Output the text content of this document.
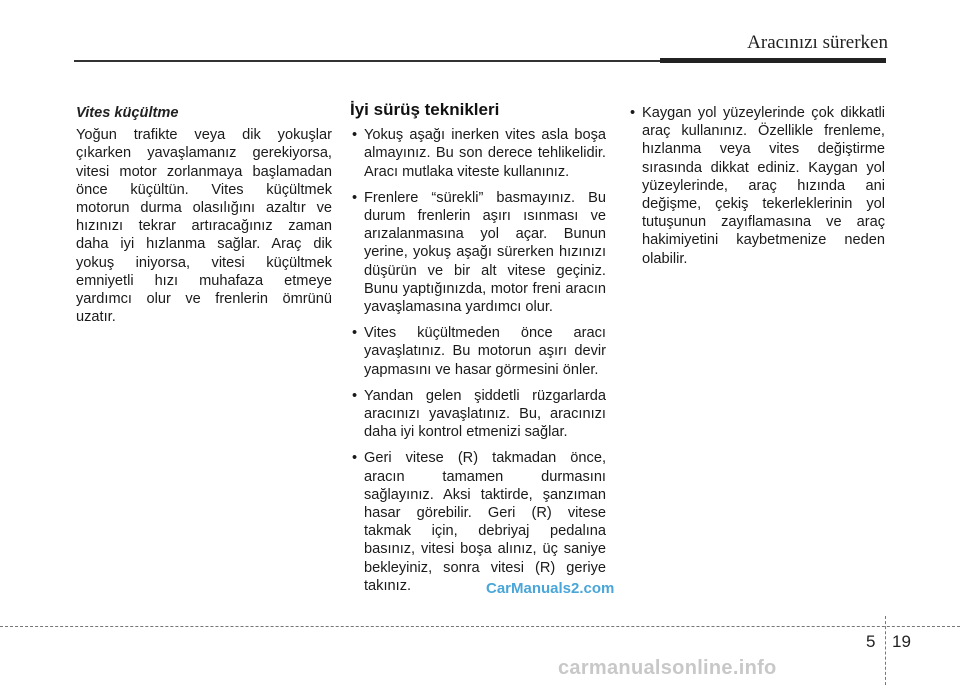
Aracınızı sürerken
Vites küçültme

Yoğun trafikte veya dik yokuşlar çıkarken yavaşlamanız gerekiyorsa, vitesi motor zorlanmaya başlamadan önce küçültün. Vites küçültmek motorun durma olasılığını azaltır ve hızınızı tekrar artıracağınız zaman daha iyi hızlanma sağlar. Araç dik yokuş iniyorsa, vitesi küçültmek emniyetli hızı muhafaza etmeye yardımcı olur ve frenlerin ömrünü uzatır.

İyi sürüş teknikleri
• Yokuş aşağı inerken vites asla boşa almayınız. Bu son derece tehlikelidir. Aracı mutlaka viteste kullanınız.
• Frenlere “sürekli” basmayınız. Bu durum frenlerin aşırı ısınması ve arızalanmasına yol açar. Bunun yerine, yokuş aşağı sürerken hızınızı düşürün ve bir alt vitese geçiniz. Bunu yaptığınızda, motor freni aracın yavaşlamasına yardımcı olur.
• Vites küçültmeden önce aracı yavaşlatınız. Bu motorun aşırı devir yapmasını ve hasar görmesini önler.
• Yandan gelen şiddetli rüzgarlarda aracınızı yavaşlatınız. Bu, aracınızı daha iyi kontrol etmenizi sağlar.
• Geri vitese (R) takmadan önce, aracın tamamen durmasını sağlayınız. Aksi taktirde, şanzıman hasar görebilir. Geri (R) vitese takmak için, debriyaj pedalına basınız, vitesi boşa alınız, üç saniye bekleyiniz, sonra vitesi (R) geriye takınız.
• Kaygan yol yüzeylerinde çok dikkatli araç kullanınız. Özellikle frenleme, hızlanma veya vites değiştirme sırasında dikkat ediniz. Kaygan yol yüzeylerinde, araç hızında ani değişme, çekiş tekerleklerinin yol tutuşunun zayıflamasına ve araç hakimiyetini kaybetmenize neden olabilir.
CarManuals2.com
5 19
carmanualsonline.info
